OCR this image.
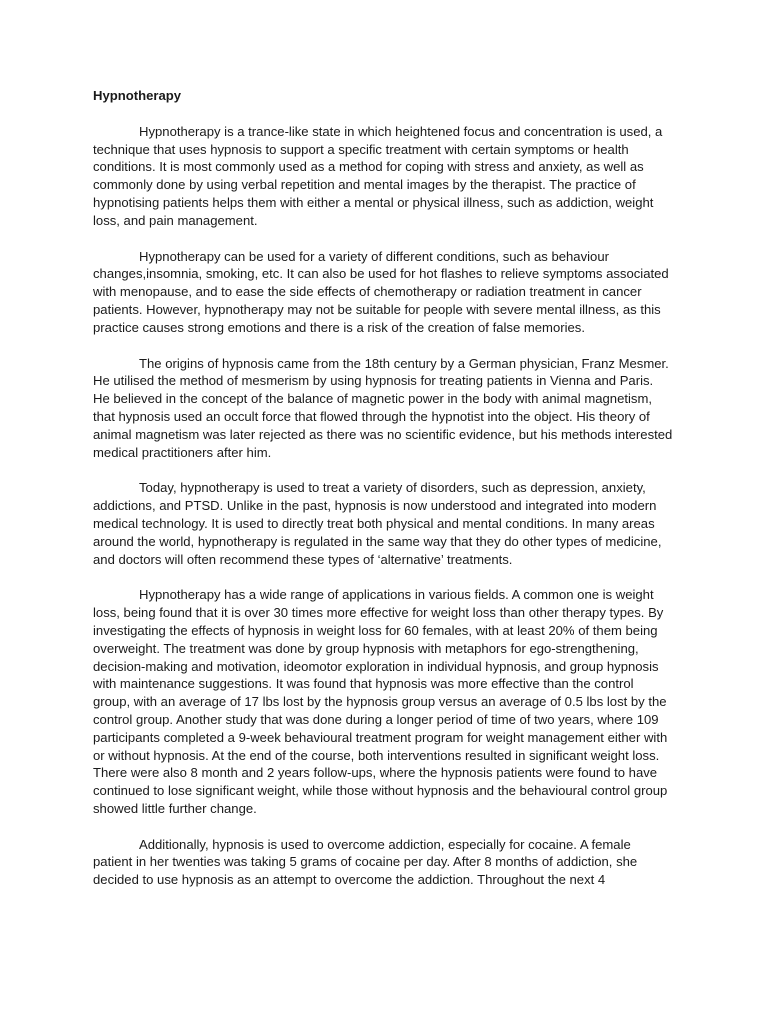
Hypnotherapy

Hypnotherapy is a trance-like state in which heightened focus and concentration is used, a technique that uses hypnosis to support a specific treatment with certain symptoms or health conditions. It is most commonly used as a method for coping with stress and anxiety, as well as commonly done by using verbal repetition and mental images by the therapist. The practice of hypnotising patients helps them with either a mental or physical illness, such as addiction, weight loss, and pain management.

Hypnotherapy can be used for a variety of different conditions, such as behaviour changes,insomnia, smoking, etc. It can also be used for hot flashes to relieve symptoms associated with menopause, and to ease the side effects of chemotherapy or radiation treatment in cancer patients. However, hypnotherapy may not be suitable for people with severe mental illness, as this practice causes strong emotions and there is a risk of the creation of false memories.

The origins of hypnosis came from the 18th century by a German physician, Franz Mesmer. He utilised the method of mesmerism by using hypnosis for treating patients in Vienna and Paris. He believed in the concept of the balance of magnetic power in the body with animal magnetism, that hypnosis used an occult force that flowed through the hypnotist into the object. His theory of animal magnetism was later rejected as there was no scientific evidence, but his methods interested medical practitioners after him.

Today, hypnotherapy is used to treat a variety of disorders, such as depression, anxiety, addictions, and PTSD. Unlike in the past, hypnosis is now understood and integrated into modern medical technology. It is used to directly treat both physical and mental conditions. In many areas around the world, hypnotherapy is regulated in the same way that they do other types of medicine, and doctors will often recommend these types of ‘alternative’ treatments.

Hypnotherapy has a wide range of applications in various fields. A common one is weight loss, being found that it is over 30 times more effective for weight loss than other therapy types. By investigating the effects of hypnosis in weight loss for 60 females, with at least 20% of them being overweight. The treatment was done by group hypnosis with metaphors for ego-strengthening, decision-making and motivation, ideomotor exploration in individual hypnosis, and group hypnosis with maintenance suggestions. It was found that hypnosis was more effective than the control group, with an average of 17 lbs lost by the hypnosis group versus an average of 0.5 lbs lost by the control group. Another study that was done during a longer period of time of two years, where 109 participants completed a 9-week behavioural treatment program for weight management either with or without hypnosis. At the end of the course, both interventions resulted in significant weight loss. There were also 8 month and 2 years follow-ups, where the hypnosis patients were found to have continued to lose significant weight, while those without hypnosis and the behavioural control group showed little further change.

Additionally, hypnosis is used to overcome addiction, especially for cocaine. A female patient in her twenties was taking 5 grams of cocaine per day. After 8 months of addiction, she decided to use hypnosis as an attempt to overcome the addiction. Throughout the next 4
